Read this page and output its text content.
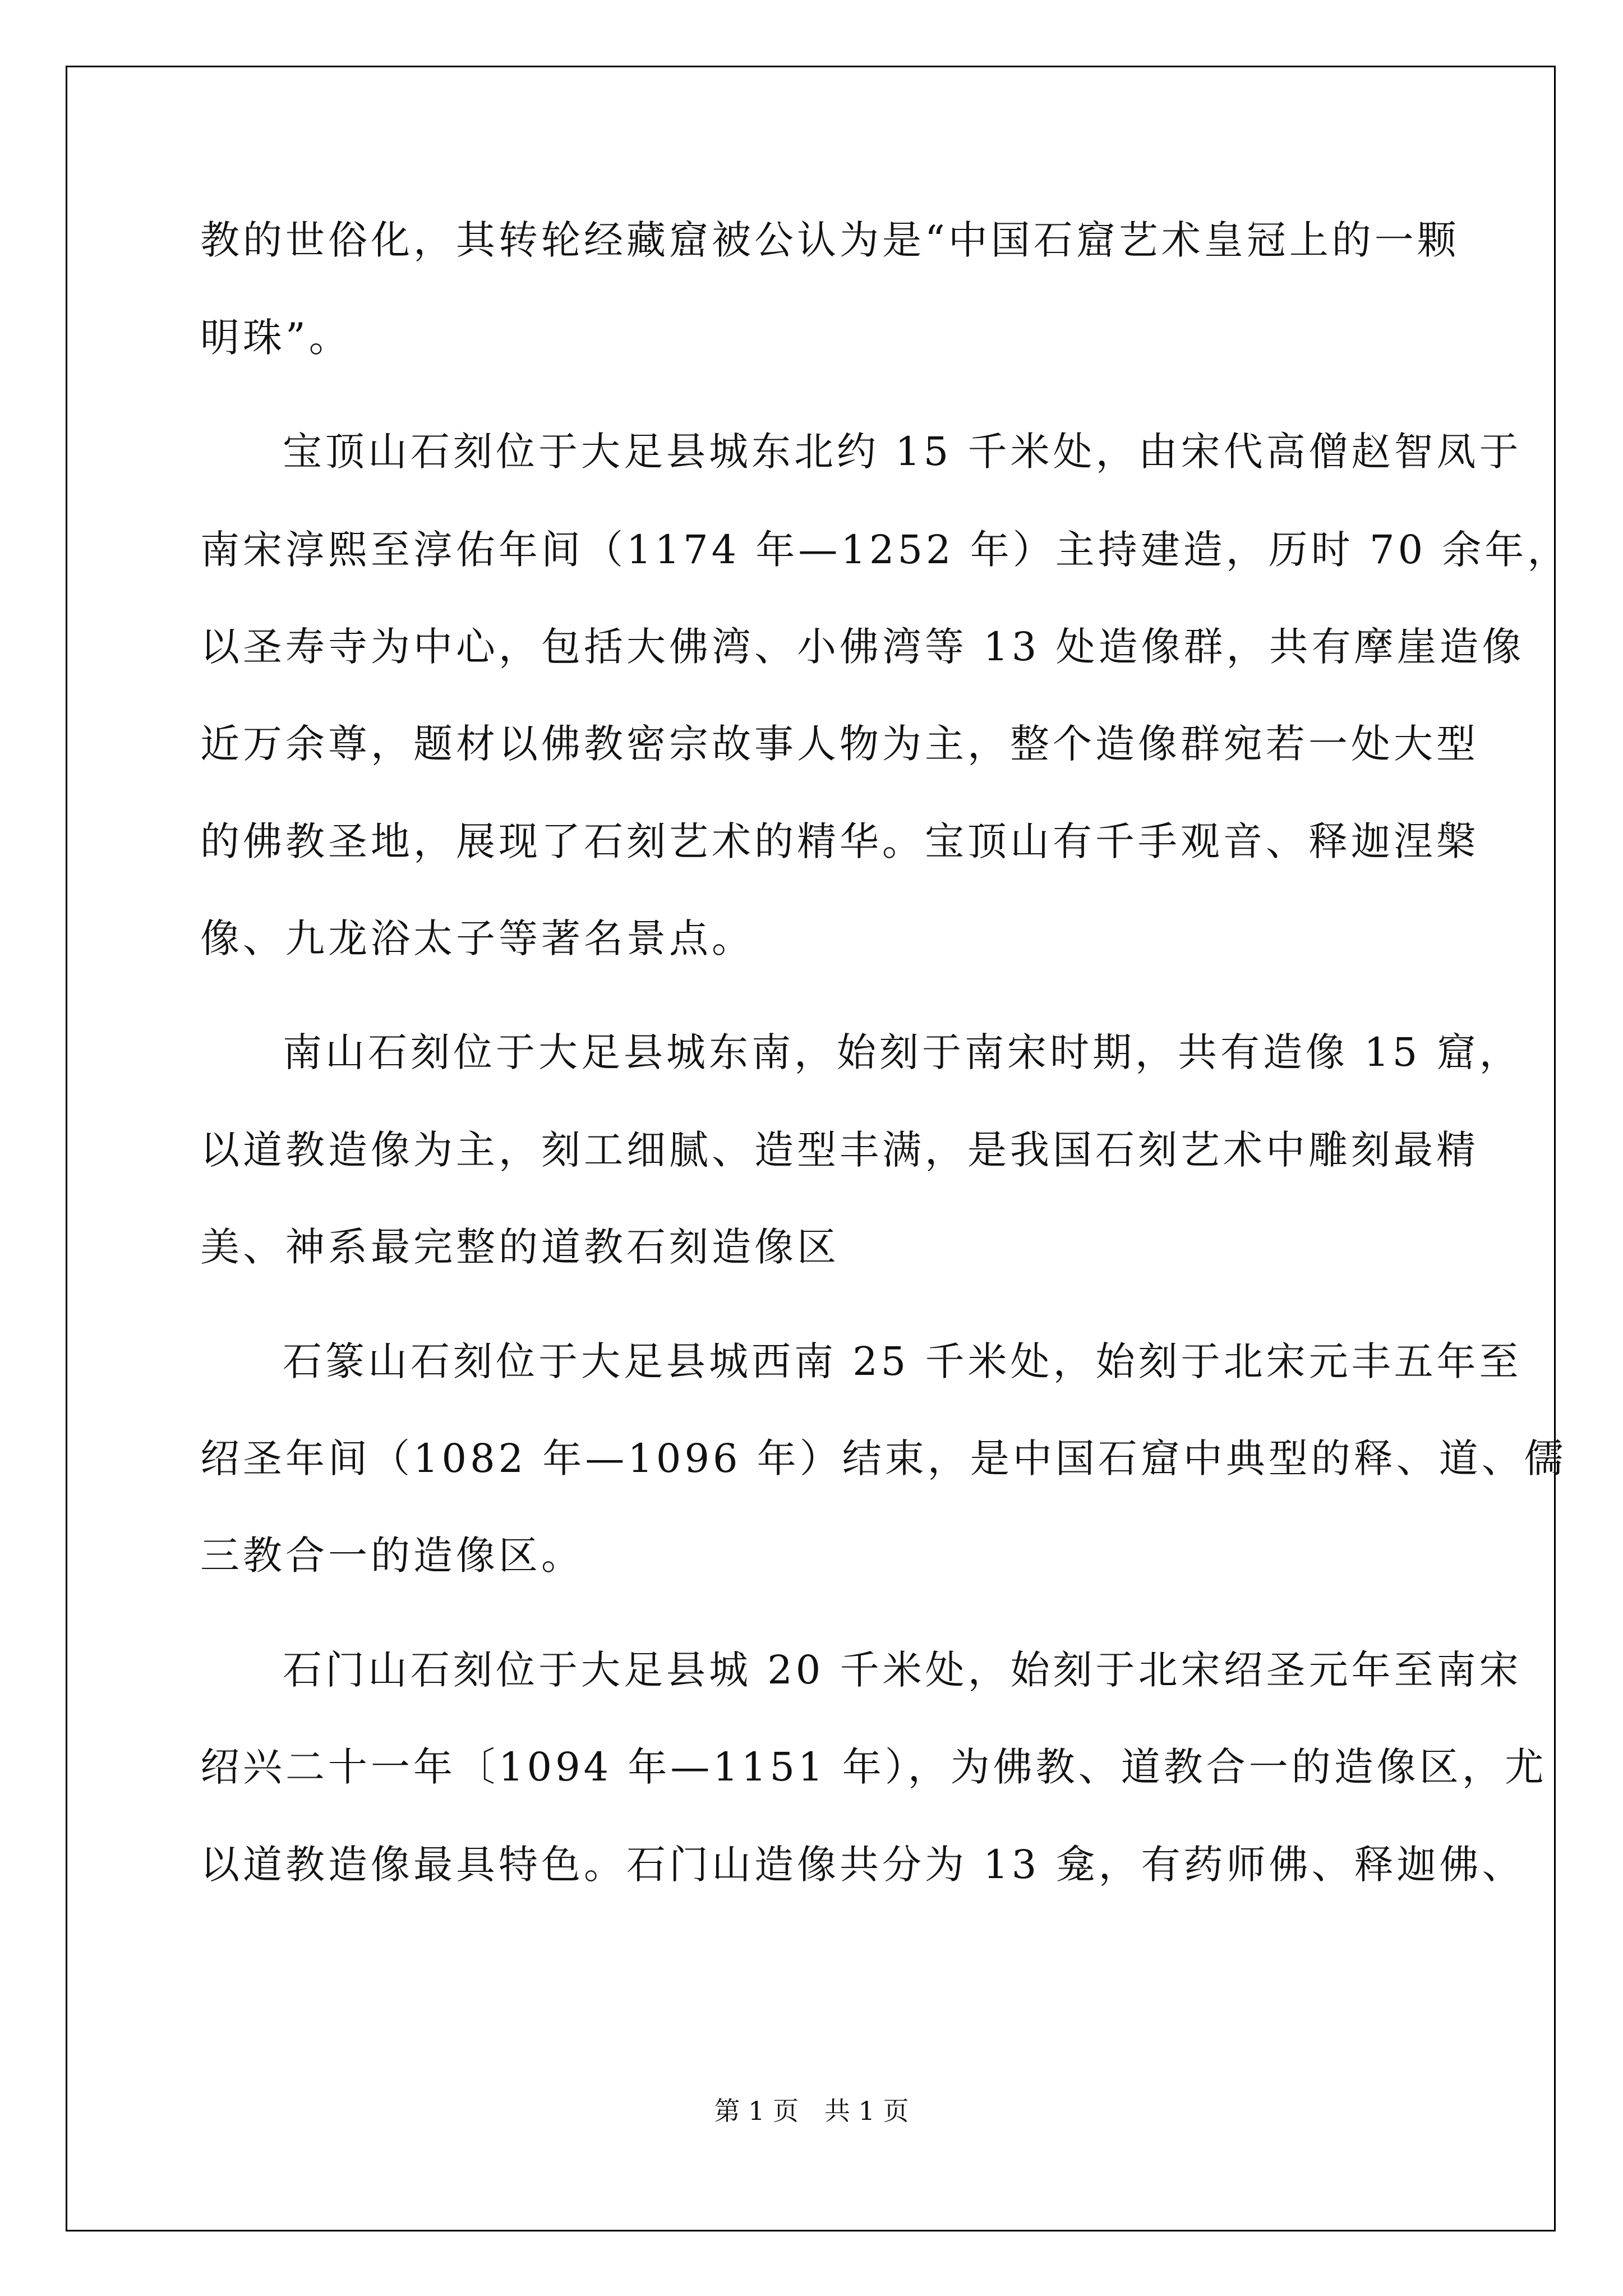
教的世俗化，其转轮经藏窟被公认为是“中国石窟艺术皇冠上的一颗
明珠”。
宝顶山石刻位于大足县城东北约 15 千米处，由宋代高僧赵智凤于
南宋淳熙至淳佑年间（1174 年—1252 年）主持建造，历时 70 余年，
以圣寿寺为中心，包括大佛湾、小佛湾等 13 处造像群，共有摩崖造像
近万余尊，题材以佛教密宗故事人物为主，整个造像群宛若一处大型
的佛教圣地，展现了石刻艺术的精华。宝顶山有千手观音、释迦涅槃
像、九龙浴太子等著名景点。
南山石刻位于大足县城东南，始刻于南宋时期，共有造像 15 窟，
以道教造像为主，刻工细腻、造型丰满，是我国石刻艺术中雕刻最精
美、神系最完整的道教石刻造像区
石篆山石刻位于大足县城西南 25 千米处，始刻于北宋元丰五年至
绍圣年间（1082 年—1096 年）结束，是中国石窟中典型的释、道、儒
三教合一的造像区。
石门山石刻位于大足县城 20 千米处，始刻于北宋绍圣元年至南宋
绍兴二十一年〔1094 年—1151 年），为佛教、道教合一的造像区，尤
以道教造像最具特色。石门山造像共分为 13 龛，有药师佛、释迦佛、
第 1 页　共 1 页
